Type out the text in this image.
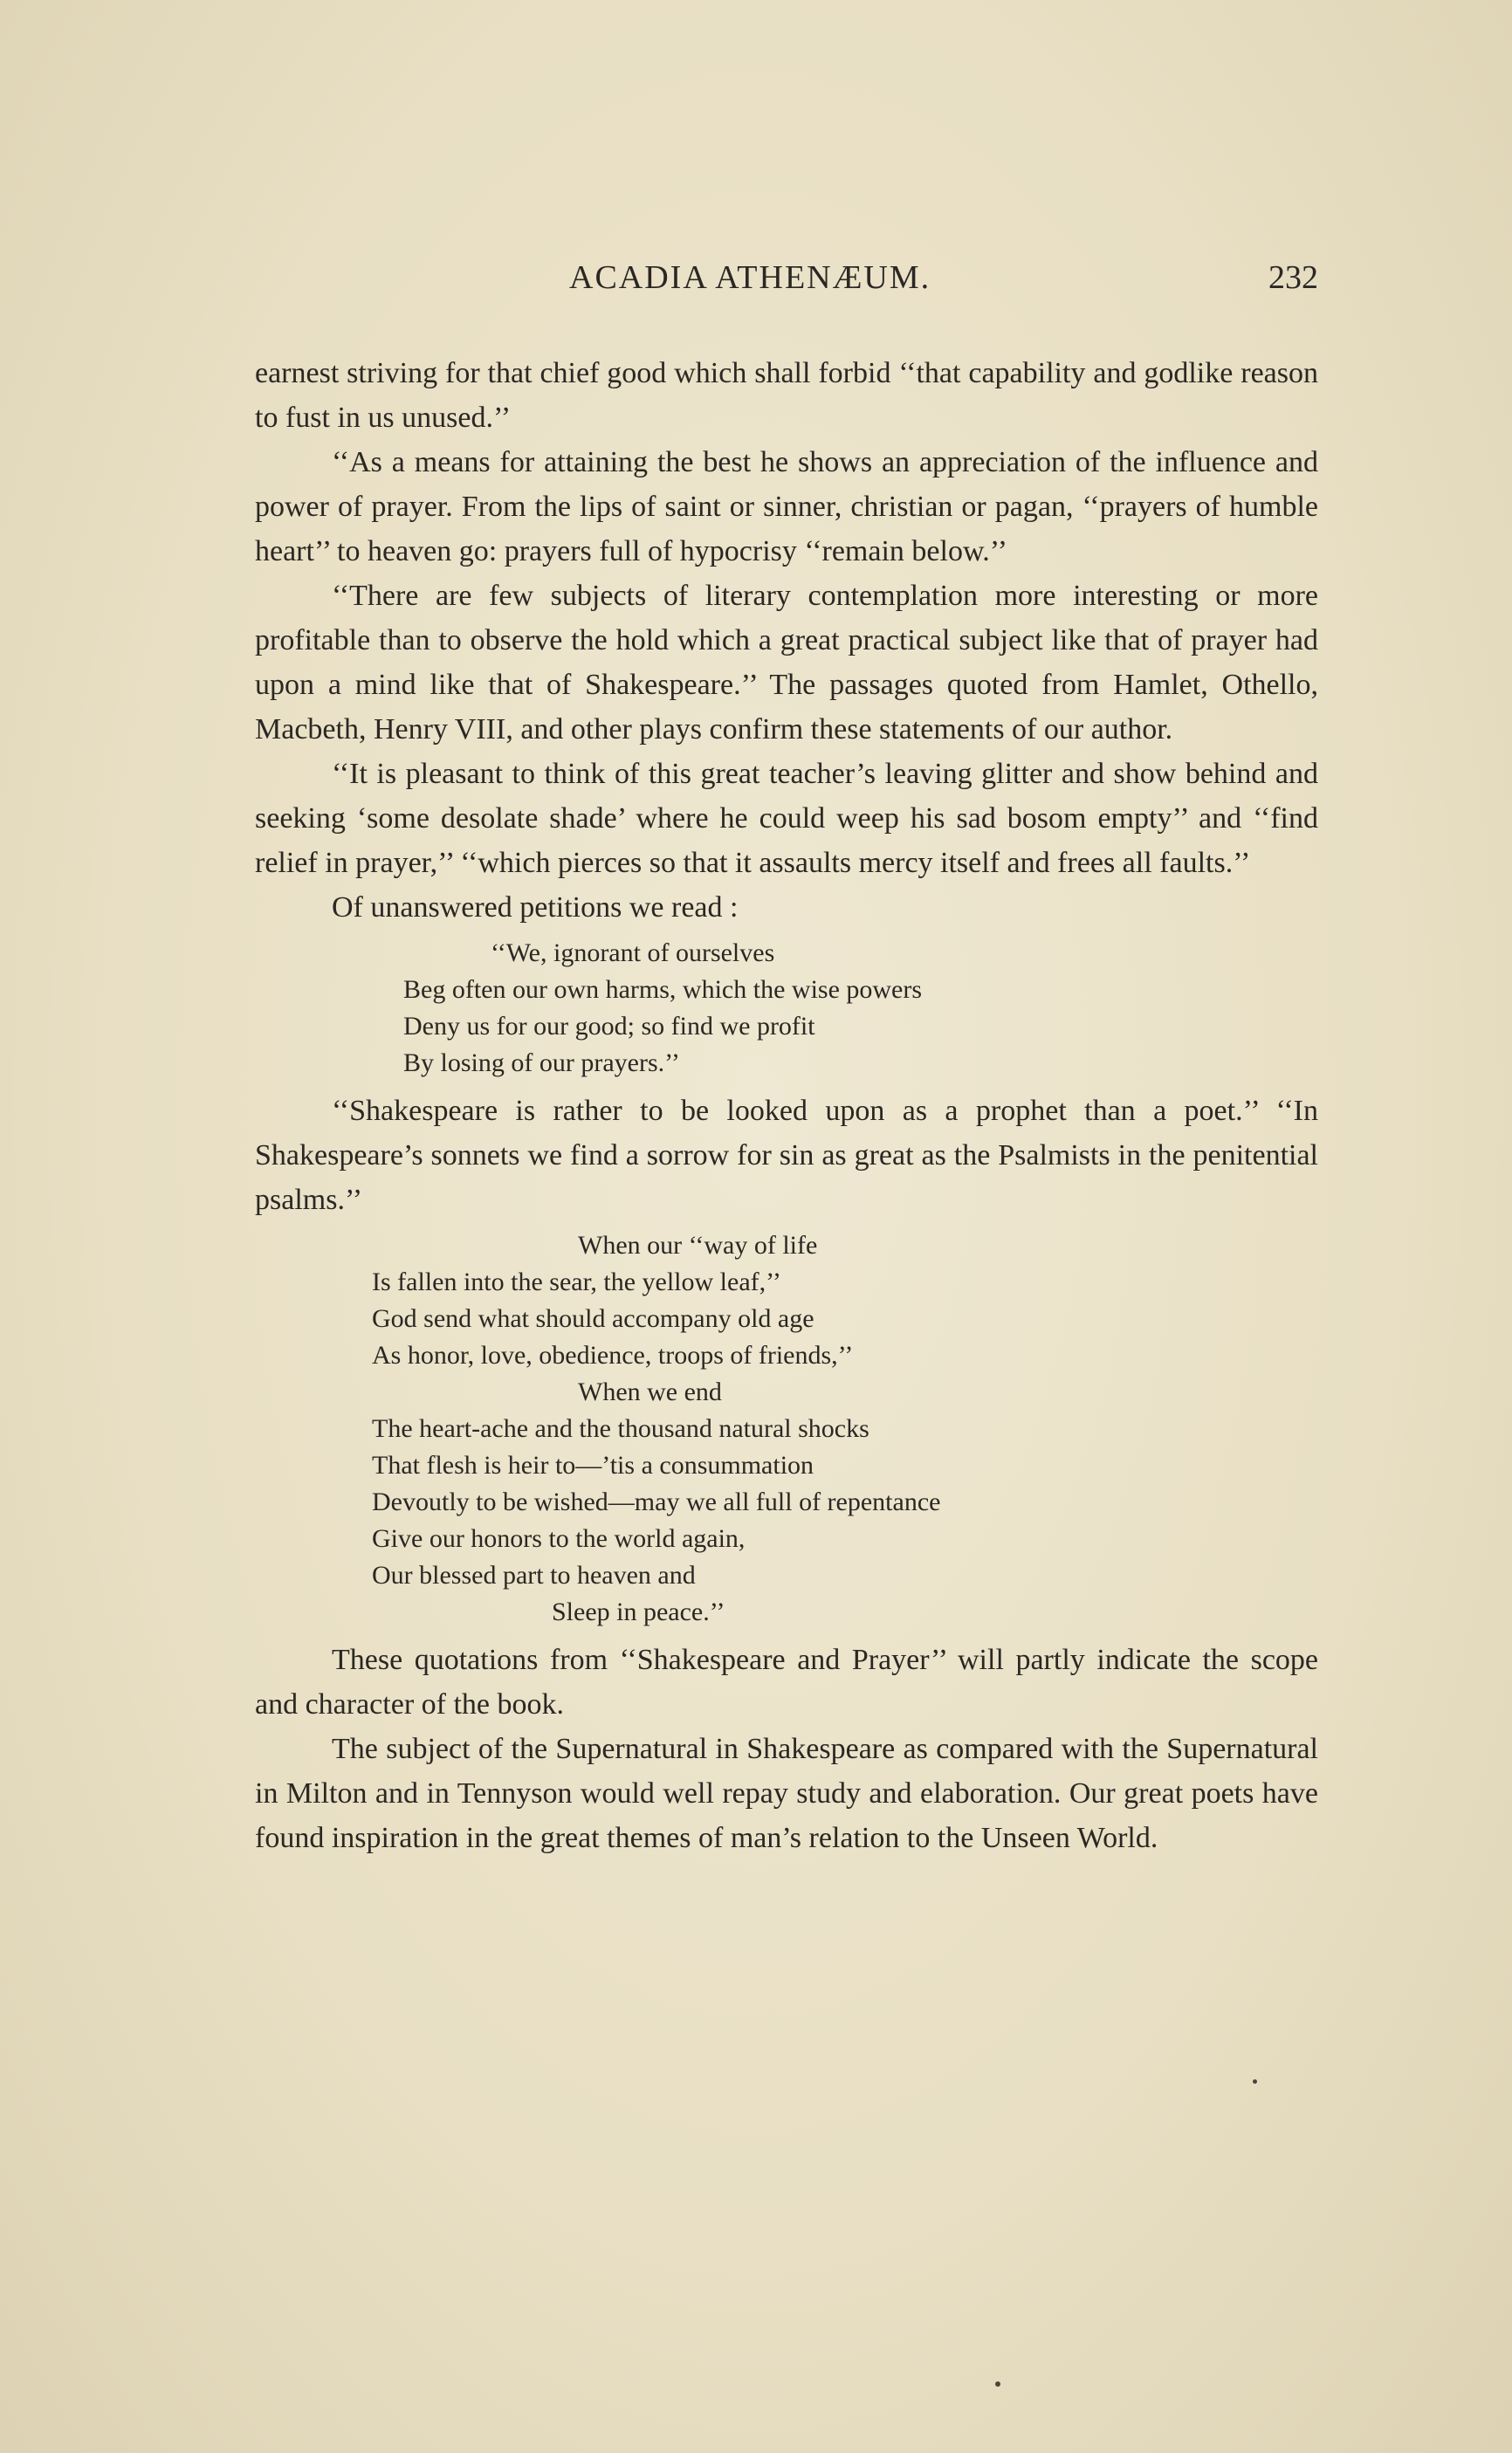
ACADIA ATHENÆUM.	232

earnest striving for that chief good which shall forbid ‘‘that capability and godlike reason to fust in us unused.’’

‘‘As a means for attaining the best he shows an appreciation of the influence and power of prayer. From the lips of saint or sinner, christian or pagan, ‘‘prayers of humble heart’’ to heaven go: prayers full of hypocrisy ‘‘remain below.’’

‘‘There are few subjects of literary contemplation more interesting or more profitable than to observe the hold which a great practical subject like that of prayer had upon a mind like that of Shakespeare.’’ The passages quoted from Hamlet, Othello, Macbeth, Henry VIII, and other plays confirm these statements of our author.

‘‘It is pleasant to think of this great teacher’s leaving glitter and show behind and seeking ‘some desolate shade’ where he could weep his sad bosom empty’’ and ‘‘find relief in prayer,’’ ‘‘which pierces so that it assaults mercy itself and frees all faults.’’

Of unanswered petitions we read :

‘‘We, ignorant of ourselves
Beg often our own harms, which the wise powers
Deny us for our good; so find we profit
By losing of our prayers.’’

‘‘Shakespeare is rather to be looked upon as a prophet than a poet.’’ ‘‘In Shakespeare’s sonnets we find a sorrow for sin as great as the Psalmists in the penitential psalms.’’

When our ‘‘way of life
Is fallen into the sear, the yellow leaf,’’
God send what should accompany old age
As honor, love, obedience, troops of friends,’’
When we end
The heart-ache and the thousand natural shocks
That flesh is heir to—’tis a consummation
Devoutly to be wished—may we all full of repentance
Give our honors to the world again,
Our blessed part to heaven and
Sleep in peace.’’

These quotations from ‘‘Shakespeare and Prayer’’ will partly indicate the scope and character of the book.

The subject of the Supernatural in Shakespeare as compared with the Supernatural in Milton and in Tennyson would well repay study and elaboration. Our great poets have found inspiration in the great themes of man’s relation to the Unseen World.
